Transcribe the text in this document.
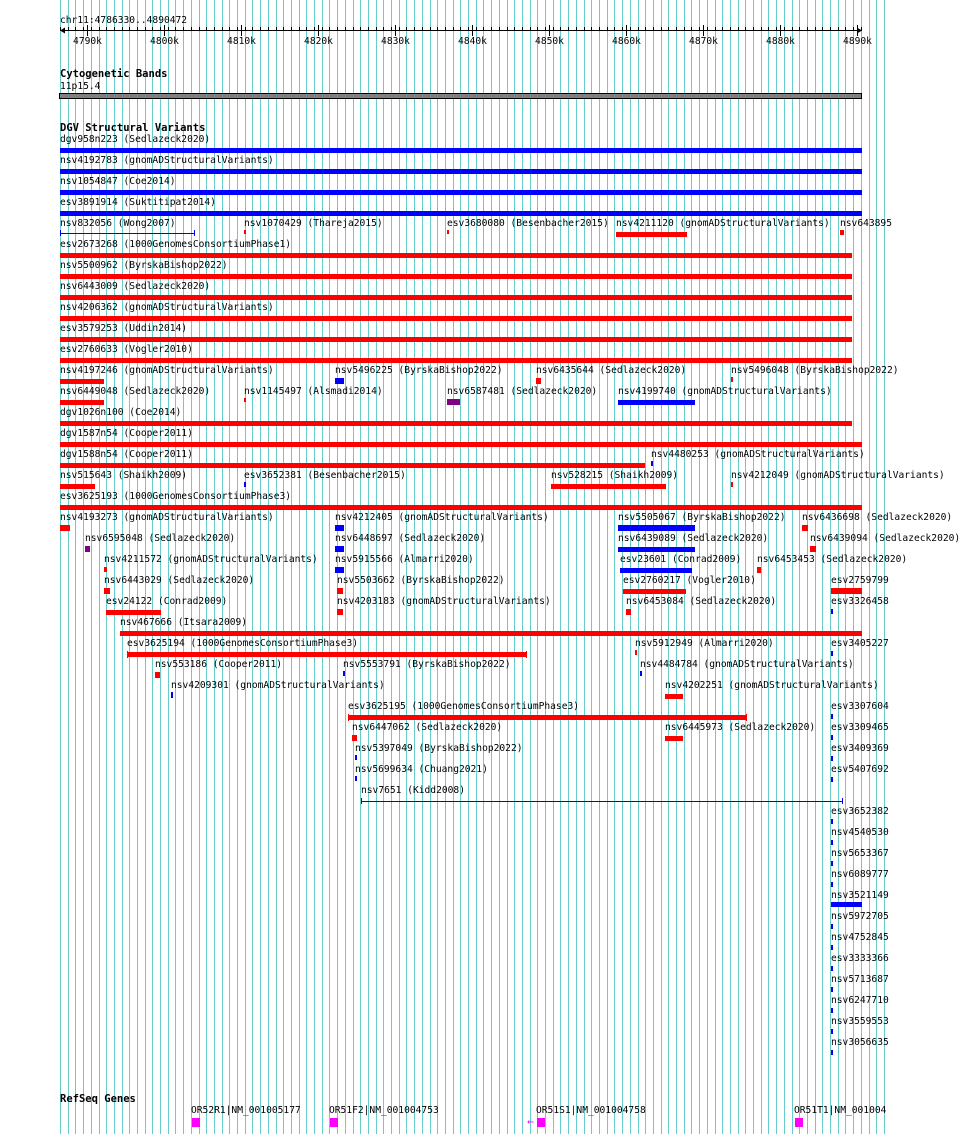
chr11:4786330..4890472
4790k	4800k	4810k	4820k	4830k	4840k	4850k	4860k	4870k	4880k	4890k
Cytogenetic Bands
11p15.4
DGV Structural Variants
RefSeq Genes
dgv958n223 (Sedlazeck2020)
nsv4192783 (gnomADStructuralVariants)
nsv1054847 (Coe2014)
esv3891914 (Suktitipat2014)
nsv832056 (Wong2007)	nsv1070429 (Thareja2015)	esv3680080 (Besenbacher2015) nsv4211120 (gnomADStructuralVariants) nsv643895
esv2673268 (1000GenomesConsortiumPhase1)
nsv5500962 (ByrskaBishop2022)
nsv6443009 (Sedlazeck2020)
nsv4206362 (gnomADStructuralVariants)
esv3579253 (Uddin2014)
esv2760633 (Vogler2010)
nsv4197246 (gnomADStructuralVariants)	nsv5496225 (ByrskaBishop2022)	nsv6435644 (Sedlazeck2020)	nsv5496048 (ByrskaBishop2022)
nsv6449048 (Sedlazeck2020)	nsv1145497 (Alsmadi2014)	nsv6587481 (Sedlazeck2020) nsv4199740 (gnomADStructuralVariants)
dgv1026n100 (Coe2014)
dgv1587n54 (Cooper2011)
dgv1588n54 (Cooper2011)	nsv4480253 (gnomADStructuralVariants)
nsv515643 (Shaikh2009)	esv3652381 (Besenbacher2015)	nsv528215 (Shaikh2009)	nsv4212049 (gnomADStructuralVariants)
esv3625193 (1000GenomesConsortiumPhase3)
nsv4193273 (gnomADStructuralVariants)	nsv4212405 (gnomADStructuralVariants)	nsv5505067 (ByrskaBishop2022) nsv6436698 (Sedlazeck2020)
nsv6595048 (Sedlazeck2020)	nsv6448697 (Sedlazeck2020)	nsv6439089 (Sedlazeck2020)	nsv6439094 (Sedlazeck2020)
nsv4211572 (gnomADStructuralVariants) nsv5915566 (Almarri2020)	esv23601 (Conrad2009) nsv6453453 (Sedlazeck2020)
nsv6443029 (Sedlazeck2020)	nsv5503662 (ByrskaBishop2022)	esv2760217 (Vogler2010)	esv2759799
esv24122 (Conrad2009)	nsv4203183 (gnomADStructuralVariants)	nsv6453084 (Sedlazeck2020)	esv3326458
nsv467666 (Itsara2009)
esv3625194 (1000GenomesConsortiumPhase3)	nsv5912949 (Almarri2020)	esv3405227
nsv553186 (Cooper2011)	nsv5553791 (ByrskaBishop2022)	nsv4484784 (gnomADStructuralVariants)
nsv4209301 (gnomADStructuralVariants)	nsv4202251 (gnomADStructuralVariants)
esv3625195 (1000GenomesConsortiumPhase3)	esv3307604
nsv6447062 (Sedlazeck2020)	nsv6445973 (Sedlazeck2020) esv3309465
nsv5397049 (ByrskaBishop2022)	esv3409369
nsv5699634 (Chuang2021)	esv5407692
nsv7651 (Kidd2008)
esv3652382
nsv4540530
nsv5653367
nsv6089777
nsv3521149
nsv5972705
nsv4752845
esv3333366
nsv5713687
nsv6247710
nsv3559553
nsv3056635
OR52R1|NM_001005177	OR51F2|NM_001004753	OR51S1|NM_001004758
←
OR51T1|NM_001004
